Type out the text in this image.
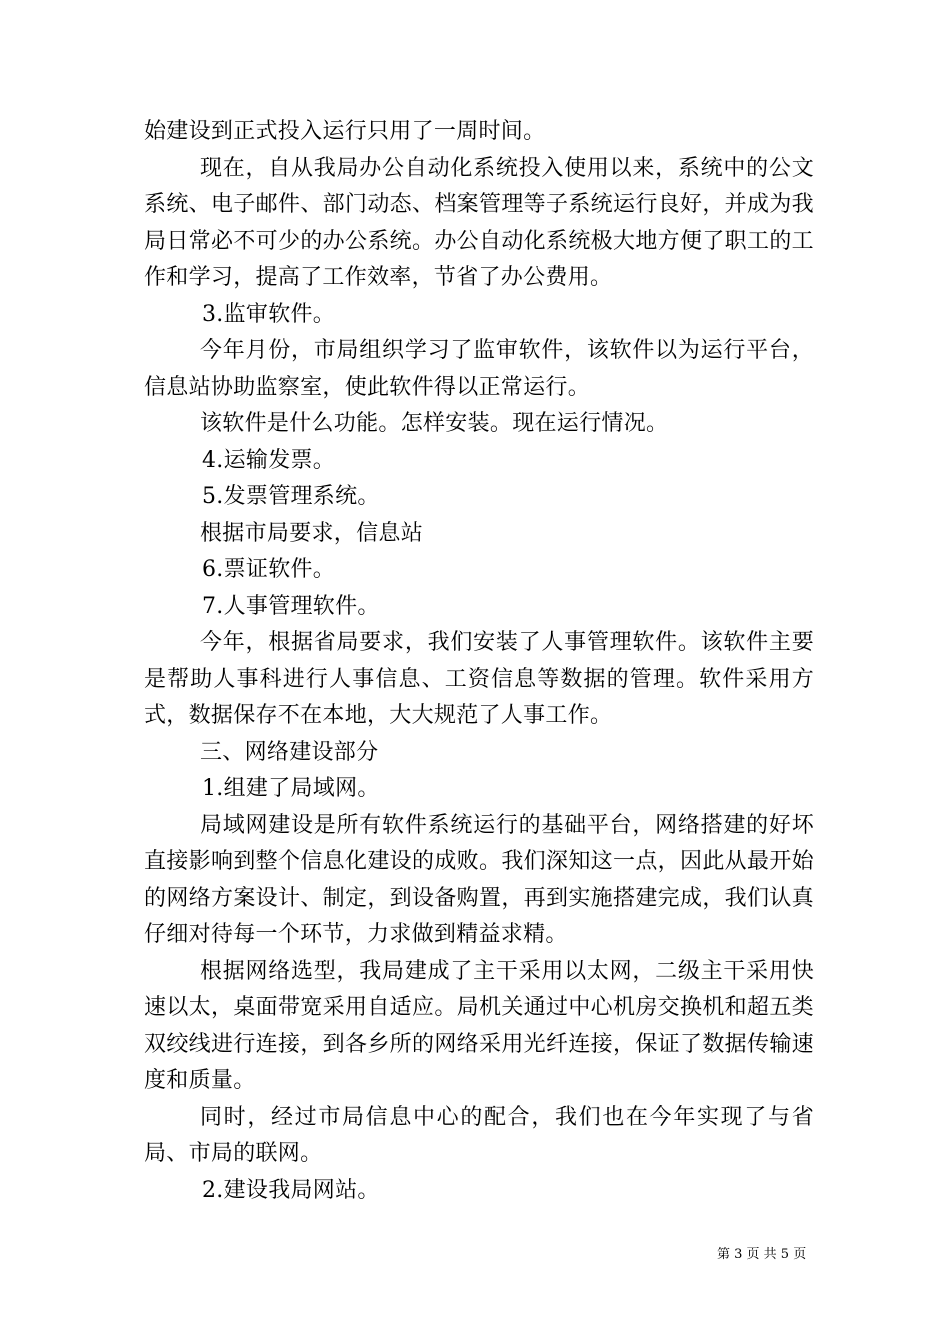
始建设到正式投入运行只用了一周时间。

现在，自从我局办公自动化系统投入使用以来，系统中的公文系统、电子邮件、部门动态、档案管理等子系统运行良好，并成为我局日常必不可少的办公系统。办公自动化系统极大地方便了职工的工作和学习，提高了工作效率，节省了办公费用。

3.监审软件。

今年月份，市局组织学习了监审软件，该软件以为运行平台，信息站协助监察室，使此软件得以正常运行。

该软件是什么功能。怎样安装。现在运行情况。

4.运输发票。

5.发票管理系统。

根据市局要求，信息站

6.票证软件。

7.人事管理软件。

今年，根据省局要求，我们安装了人事管理软件。该软件主要是帮助人事科进行人事信息、工资信息等数据的管理。软件采用方式，数据保存不在本地，大大规范了人事工作。

三、网络建设部分

1.组建了局域网。

局域网建设是所有软件系统运行的基础平台，网络搭建的好坏直接影响到整个信息化建设的成败。我们深知这一点，因此从最开始的网络方案设计、制定，到设备购置，再到实施搭建完成，我们认真仔细对待每一个环节，力求做到精益求精。

根据网络选型，我局建成了主干采用以太网，二级主干采用快速以太，桌面带宽采用自适应。局机关通过中心机房交换机和超五类双绞线进行连接，到各乡所的网络采用光纤连接，保证了数据传输速度和质量。

同时，经过市局信息中心的配合，我们也在今年实现了与省局、市局的联网。

2.建设我局网站。

第 3 页 共 5 页
